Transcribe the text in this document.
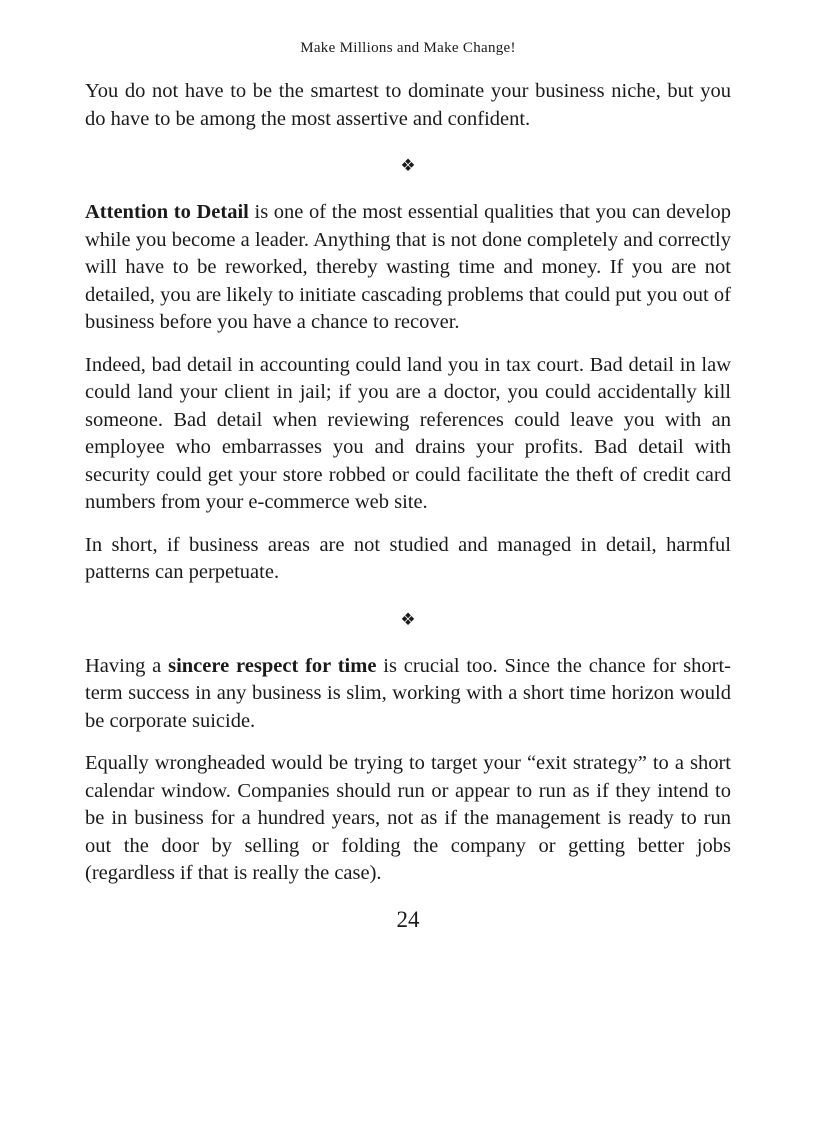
Make Millions and Make Change!

You do not have to be the smartest to dominate your business niche, but you do have to be among the most assertive and confident.

❖

Attention to Detail is one of the most essential qualities that you can develop while you become a leader. Anything that is not done completely and correctly will have to be reworked, thereby wasting time and money. If you are not detailed, you are likely to initiate cascading problems that could put you out of business before you have a chance to recover.

Indeed, bad detail in accounting could land you in tax court. Bad detail in law could land your client in jail; if you are a doctor, you could accidentally kill someone. Bad detail when reviewing references could leave you with an employee who embarrasses you and drains your profits. Bad detail with security could get your store robbed or could facilitate the theft of credit card numbers from your e-commerce web site.

In short, if business areas are not studied and managed in detail, harmful patterns can perpetuate.

❖

Having a sincere respect for time is crucial too. Since the chance for short-term success in any business is slim, working with a short time horizon would be corporate suicide.

Equally wrongheaded would be trying to target your “exit strategy” to a short calendar window. Companies should run or appear to run as if they intend to be in business for a hundred years, not as if the management is ready to run out the door by selling or folding the company or getting better jobs (regardless if that is really the case).

24
